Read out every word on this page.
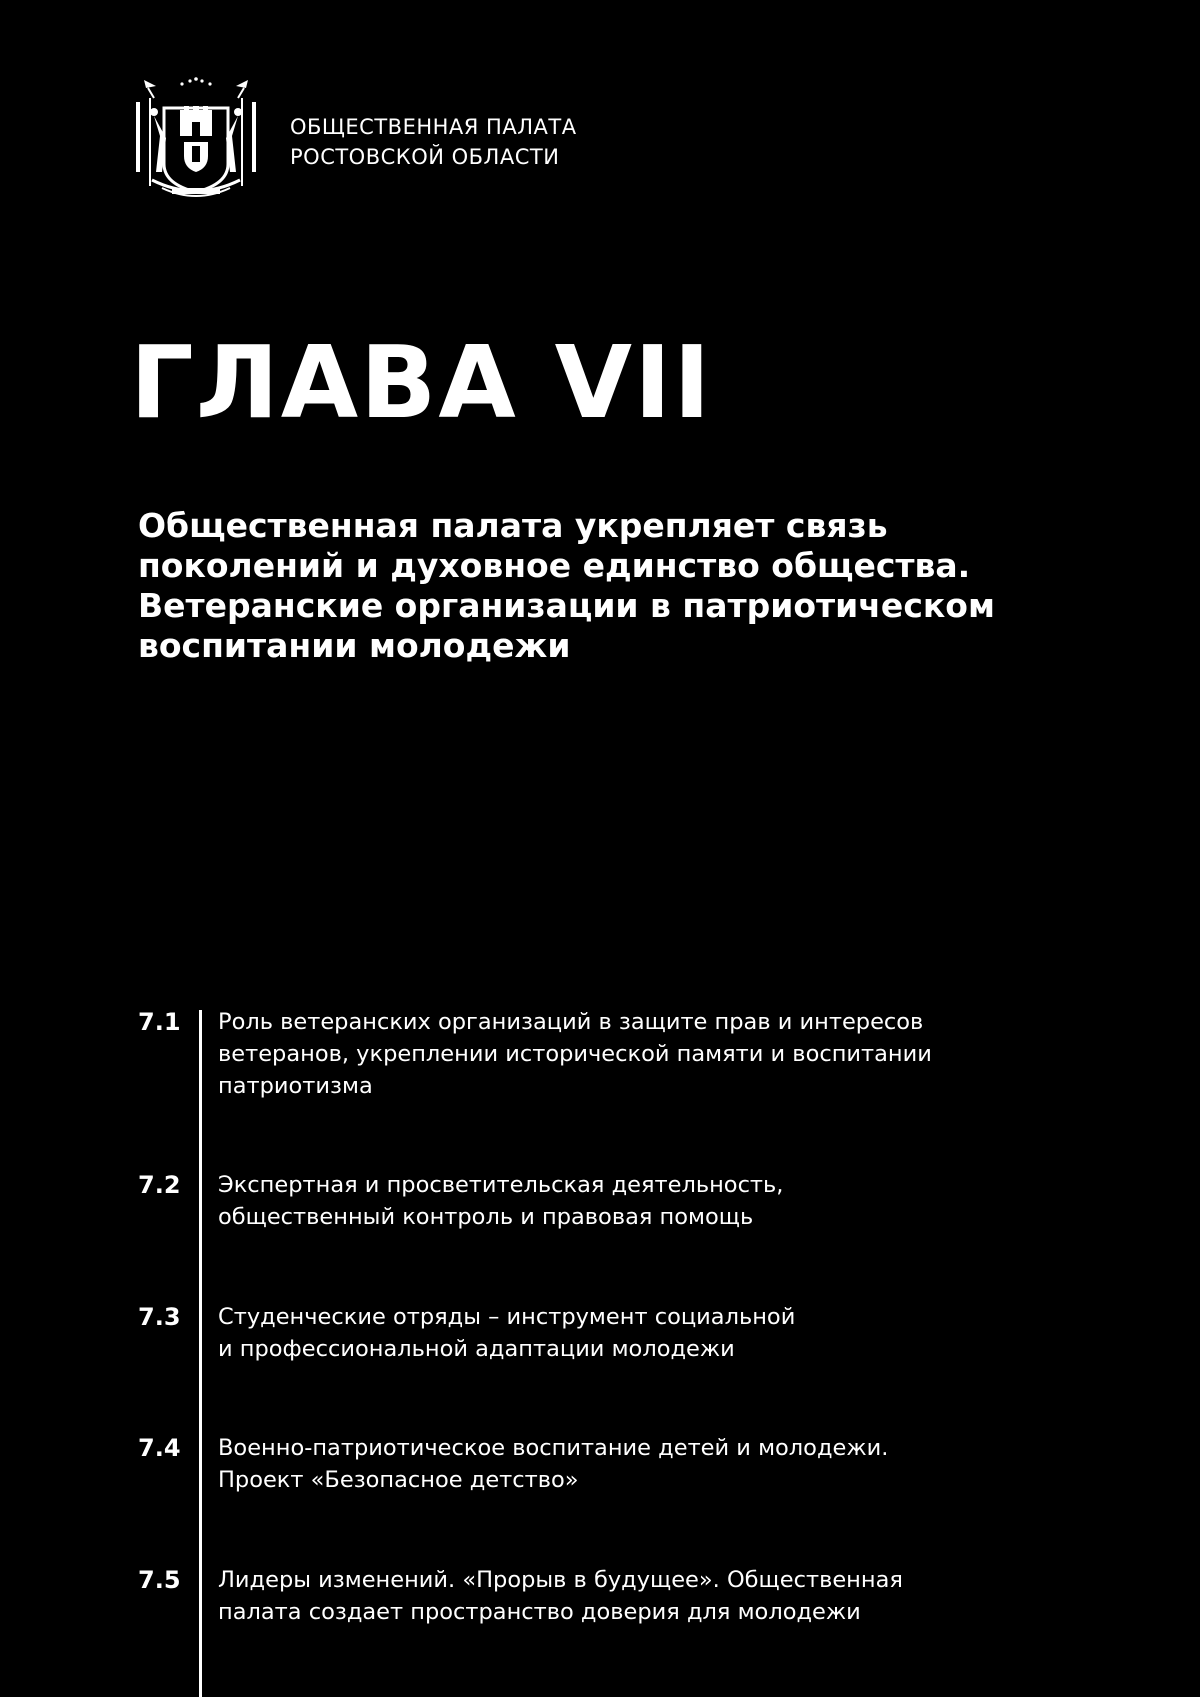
ОБЩЕСТВЕННАЯ ПАЛАТА
РОСТОВСКОЙ ОБЛАСТИ
ГЛАВА VII
Общественная палата укрепляет связь
поколений и духовное единство общества.
Ветеранские организации в патриотическом
воспитании молодежи
7.1 Роль ветеранских организаций в защите прав и интересов
ветеранов, укреплении исторической памяти и воспитании
патриотизма
7.2 Экспертная и просветительская деятельность,
общественный контроль и правовая помощь
7.3 Студенческие отряды – инструмент социальной
и профессиональной адаптации молодежи
7.4 Военно-патриотическое воспитание детей и молодежи.
Проект «Безопасное детство»
7.5 Лидеры изменений. «Прорыв в будущее». Общественная
палата создает пространство доверия для молодежи
